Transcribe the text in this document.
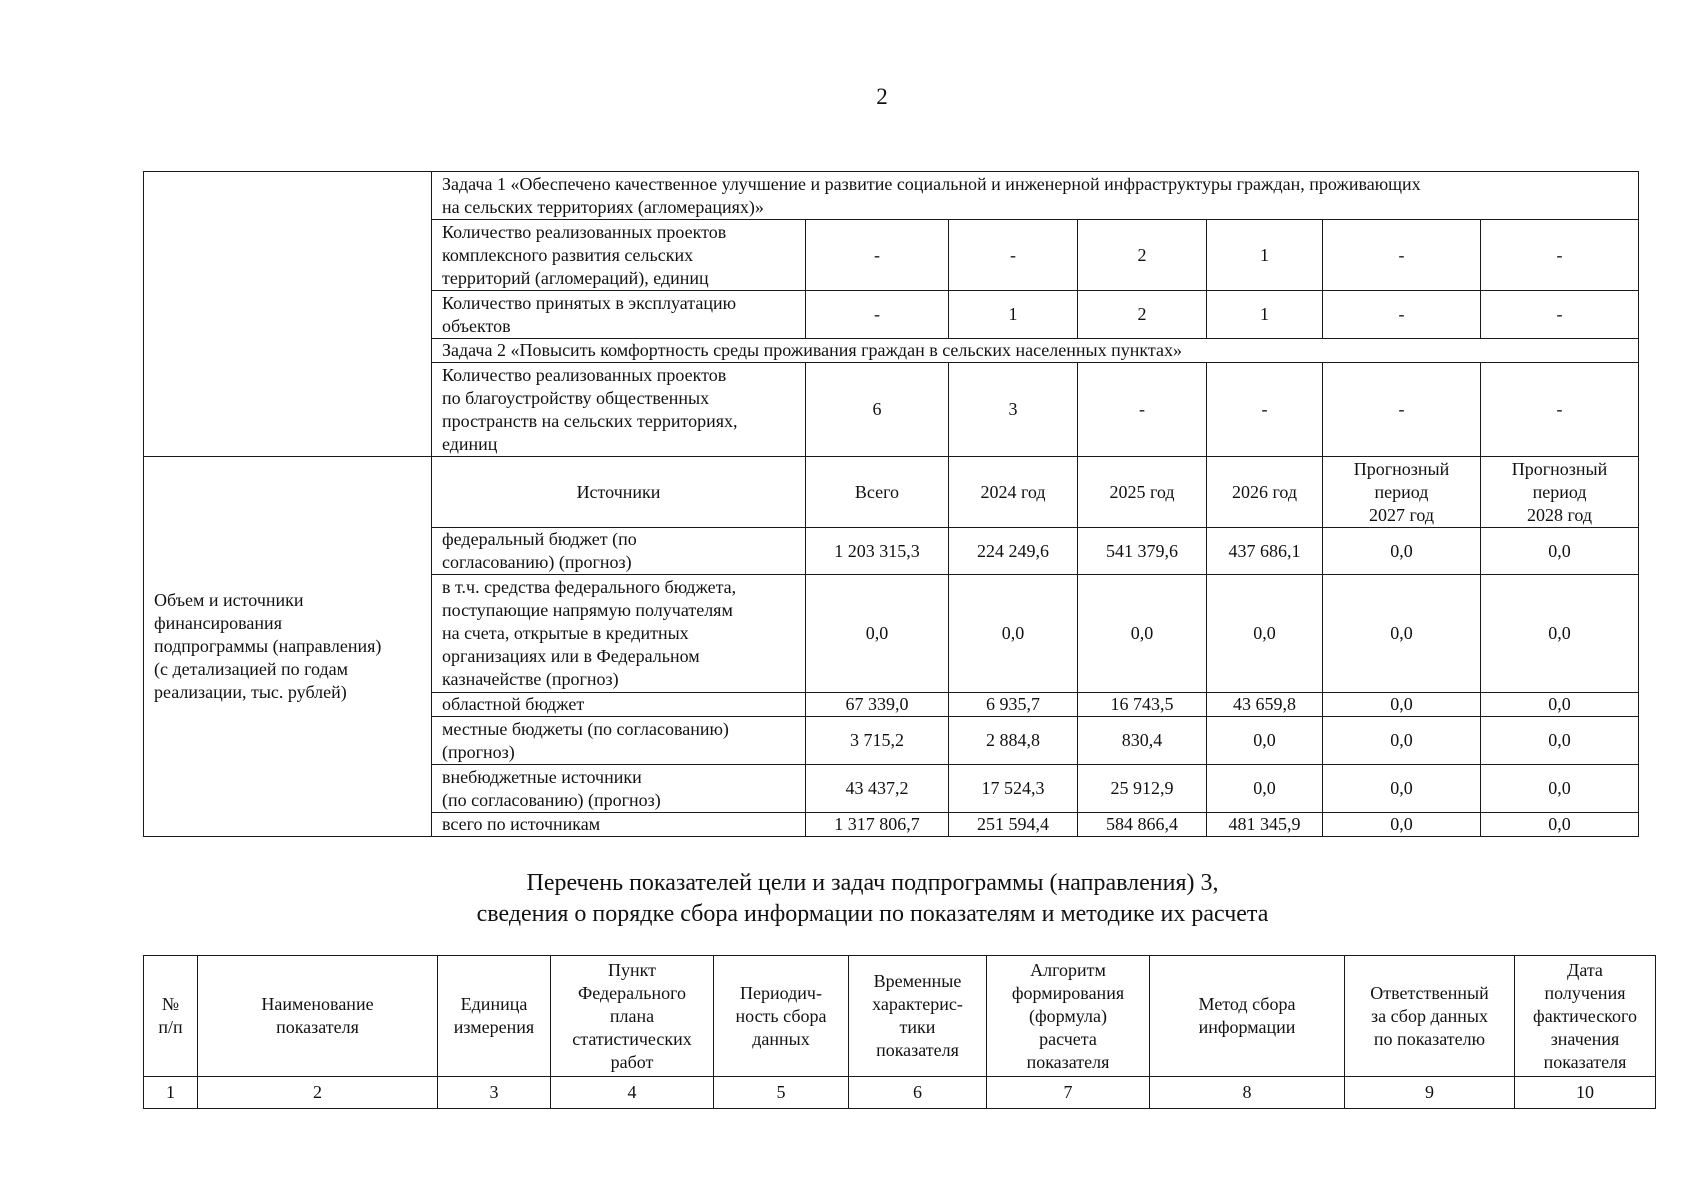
2
	Задача 1 «Обеспечено качественное улучшение и развитие социальной и инженерной инфраструктуры граждан, проживающих
на сельских территориях (агломерациях)»						
	Количество реализованных проектов
комплексного развития сельских
территорий (агломераций), единиц	-	-	2	1	-	-
	Количество принятых в эксплуатацию
объектов	-	1	2	1	-	-
	Задача 2 «Повысить комфортность среды проживания граждан в сельских населенных пунктах»						
	Количество реализованных проектов
по благоустройству общественных
пространств на сельских территориях,
единиц	6	3	-	-	-	-
Объем и источники
финансирования
подпрограммы (направления)
(с детализацией по годам
реализации, тыс. рублей)	Источники	Всего	2024 год	2025 год	2026 год	Прогнозный
период
2027 год	Прогнозный
период
2028 год
	федеральный бюджет (по
согласованию) (прогноз)	1 203 315,3	224 249,6	541 379,6	437 686,1	0,0	0,0
	в т.ч. средства федерального бюджета,
поступающие напрямую получателям
на счета, открытые в кредитных
организациях или в Федеральном
казначействе (прогноз)	0,0	0,0	0,0	0,0	0,0	0,0
	областной бюджет	67 339,0	6 935,7	16 743,5	43 659,8	0,0	0,0
	местные бюджеты (по согласованию)
(прогноз)	3 715,2	2 884,8	830,4	0,0	0,0	0,0
	внебюджетные источники
(по согласованию) (прогноз)	43 437,2	17 524,3	25 912,9	0,0	0,0	0,0
	всего по источникам	1 317 806,7	251 594,4	584 866,4	481 345,9	0,0	0,0
Перечень показателей цели и задач подпрограммы (направления) 3,
сведения о порядке сбора информации по показателям и методике их расчета
№
п/п	Наименование
показателя	Единица
измерения	Пункт
Федерального
плана
статистических
работ	Периодич-
ность сбора
данных	Временные
характерис-
тики
показателя	Алгоритм
формирования
(формула)
расчета
показателя	Метод сбора
информации	Ответственный
за сбор данных
по показателю	Дата
получения
фактического
значения
показателя
1	2	3	4	5	6	7	8	9	10
